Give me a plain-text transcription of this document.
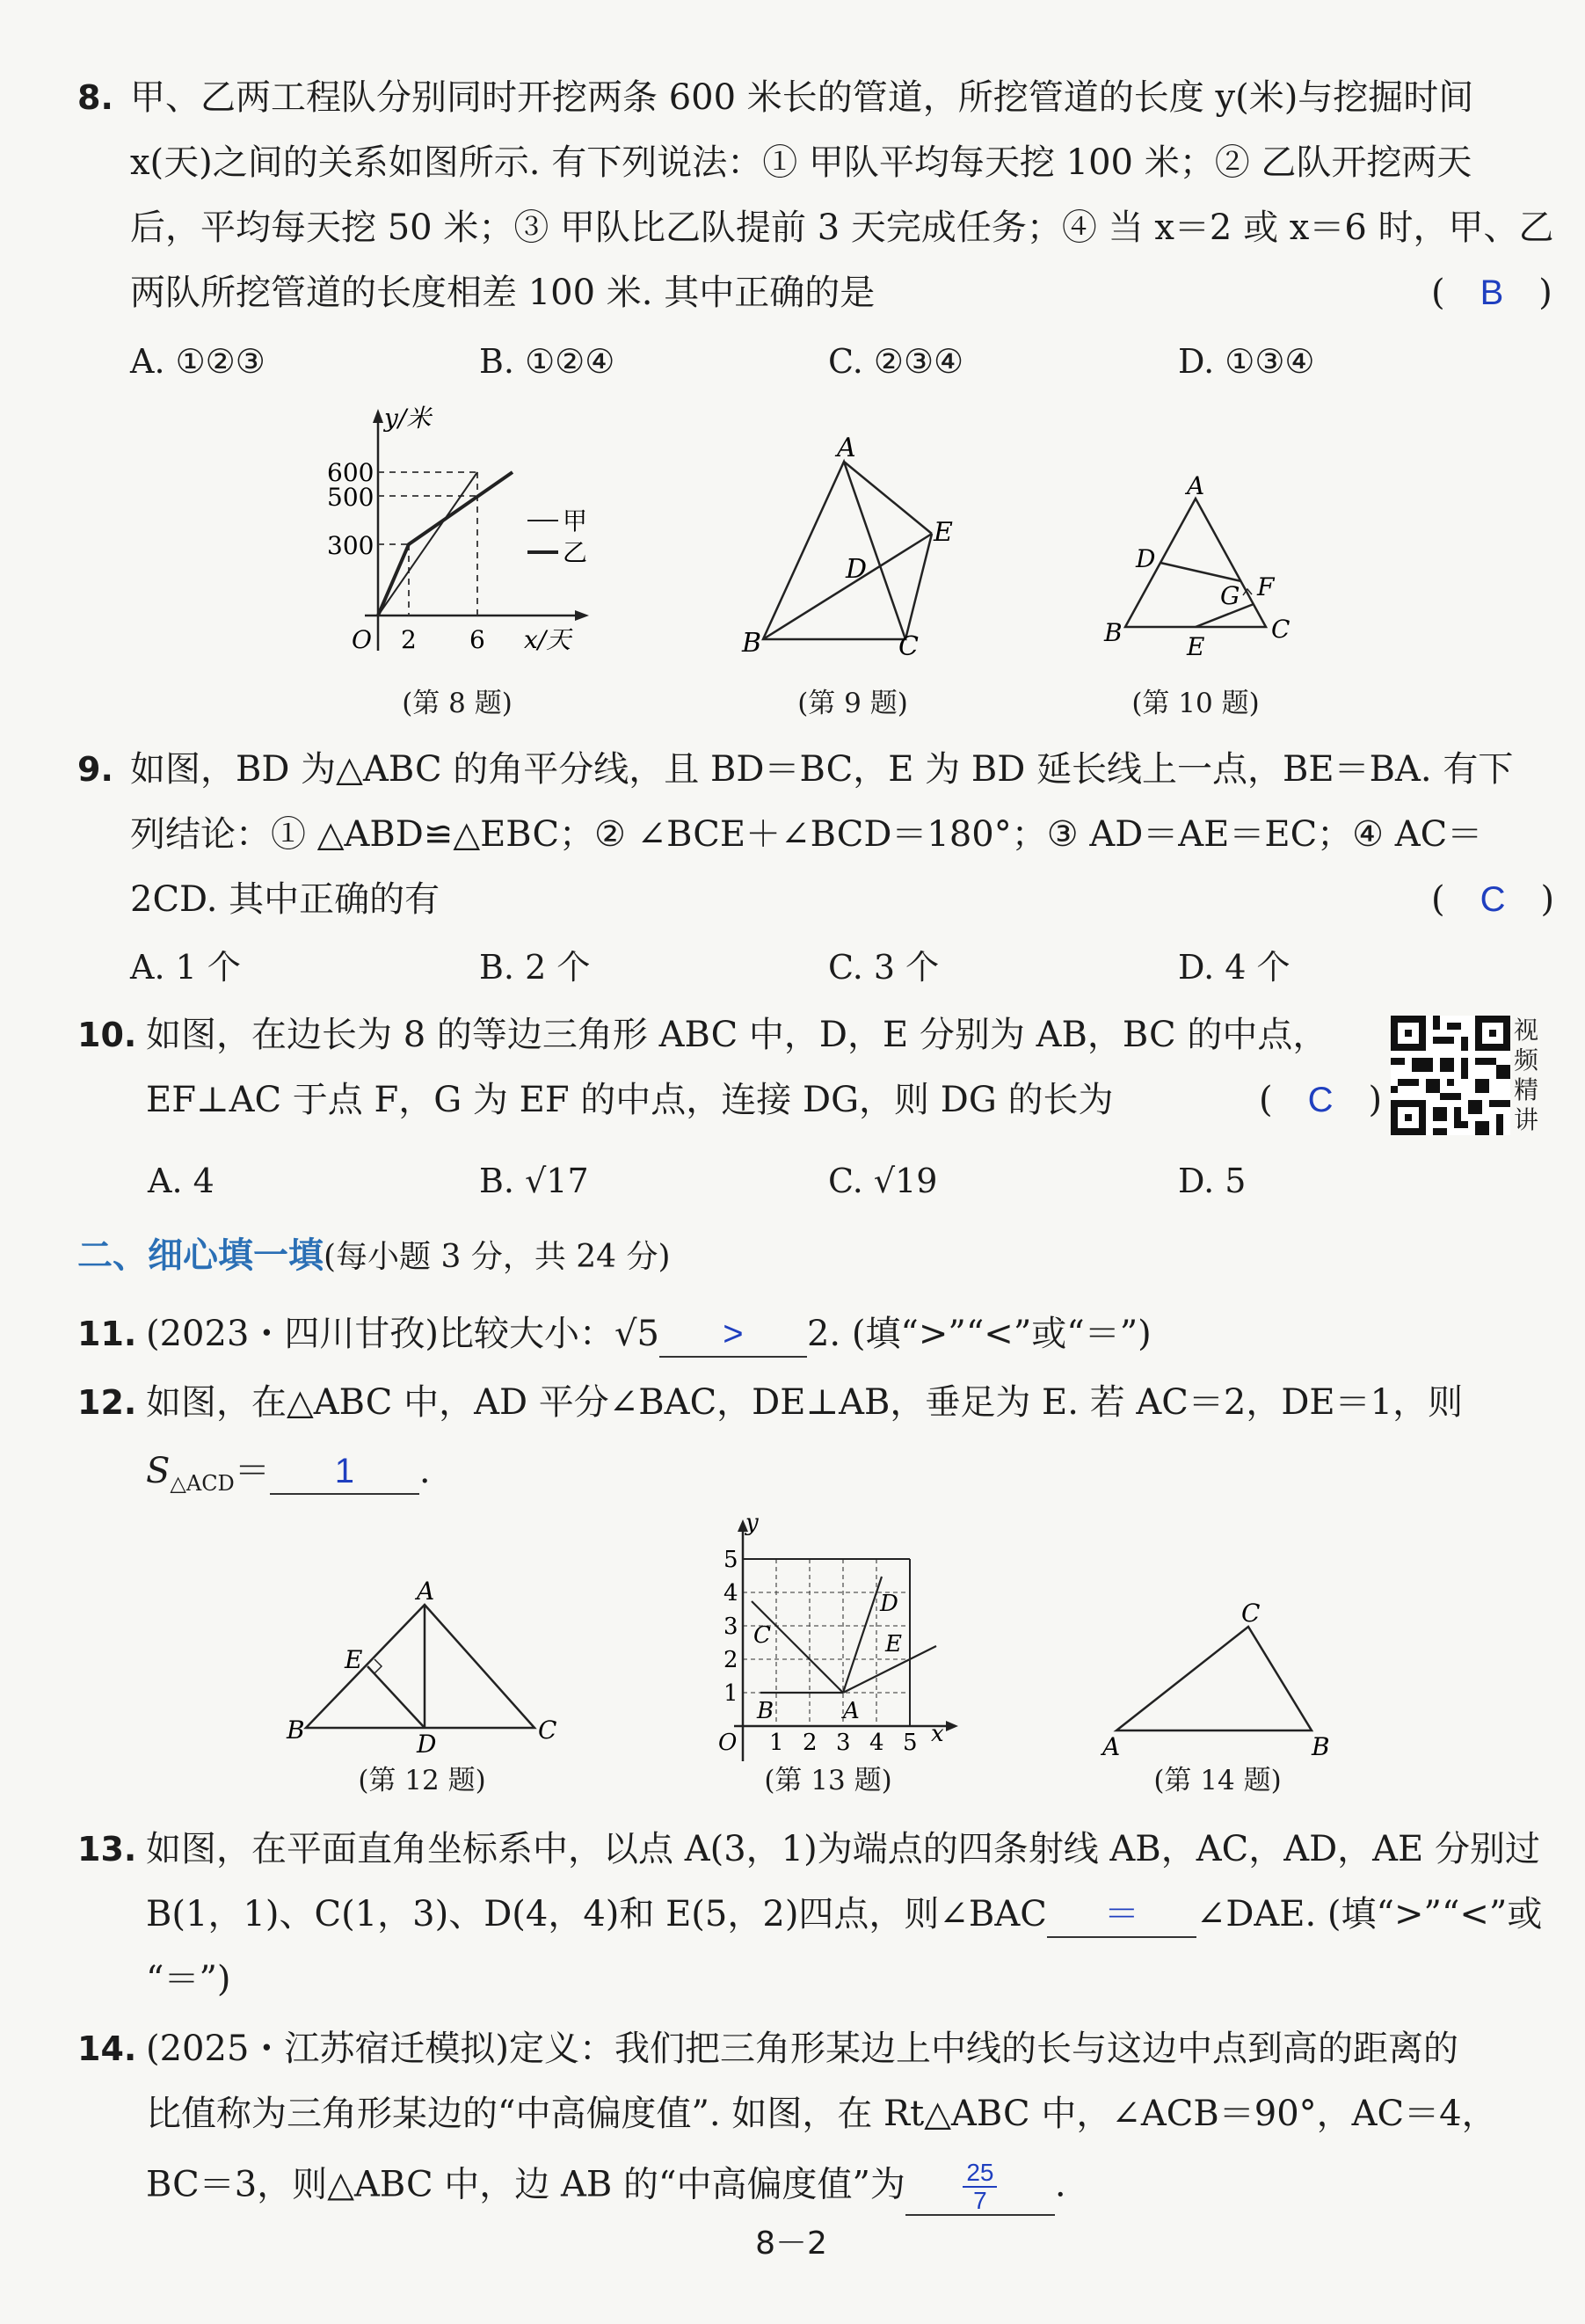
8. 甲、乙两工程队分别同时开挖两条 600 米长的管道，所挖管道的长度 y(米)与挖掘时间
x(天)之间的关系如图所示. 有下列说法：① 甲队平均每天挖 100 米；② 乙队开挖两天
后，平均每天挖 50 米；③ 甲队比乙队提前 3 天完成任务；④ 当 x＝2 或 x＝6 时，甲、乙
两队所挖管道的长度相差 100 米. 其中正确的是	(　B　)
A. ①②③	B. ①②④	C. ②③④	D. ①③④
y/米
600
500
300
O 2 6 x/天
甲
乙
(第 8 题)
A
B	C
D
E
(第 9 题)
A
B	C
D
E
F
G
(第 10 题)
9. 如图，BD 为△ABC 的角平分线，且 BD＝BC，E 为 BD 延长线上一点，BE＝BA. 有下
列结论：① △ABD≌△EBC；② ∠BCE＋∠BCD＝180°；③ AD＝AE＝EC；④ AC＝
2CD. 其中正确的有	(　C　)
A. 1 个	B. 2 个	C. 3 个	D. 4 个
10. 如图，在边长为 8 的等边三角形 ABC 中，D，E 分别为 AB，BC 的中点，
EF⊥AC 于点 F，G 为 EF 的中点，连接 DG，则 DG 的长为	(　C　)
视
频
精
讲
A. 4	B. √17	C. √19	D. 5
二、细心填一填(每小题 3 分，共 24 分)
11. (2023・四川甘孜)比较大小：√5 > 2. (填“>”“<”或“＝”)
12. 如图，在△ABC 中，AD 平分∠BAC，DE⊥AB，垂足为 E. 若 AC＝2，DE＝1，则
$S_{\triangle ACD}= 1$ .
A
B	C
D
E
(第 12 题)
y
5
4
3
2
1
O 1 2 3 4 5 x
A
B
C
D
E
(第 13 题)
C
A	B
(第 14 题)
13. 如图，在平面直角坐标系中，以点 A(3，1)为端点的四条射线 AB，AC，AD，AE 分别过
B(1，1)、C(1，3)、D(4，4)和 E(5，2)四点，则∠BAC ＝ ∠DAE. (填“>”“<”或
“＝”)
14. (2025・江苏宿迁模拟)定义：我们把三角形某边上中线的长与这边中点到高的距离的
比值称为三角形某边的“中高偏度值”. 如图，在 Rt△ABC 中，∠ACB＝90°，AC＝4，
BC＝3，则△ABC 中，边 AB 的“中高偏度值”为 $\frac{25}{7}$ .
8－2
